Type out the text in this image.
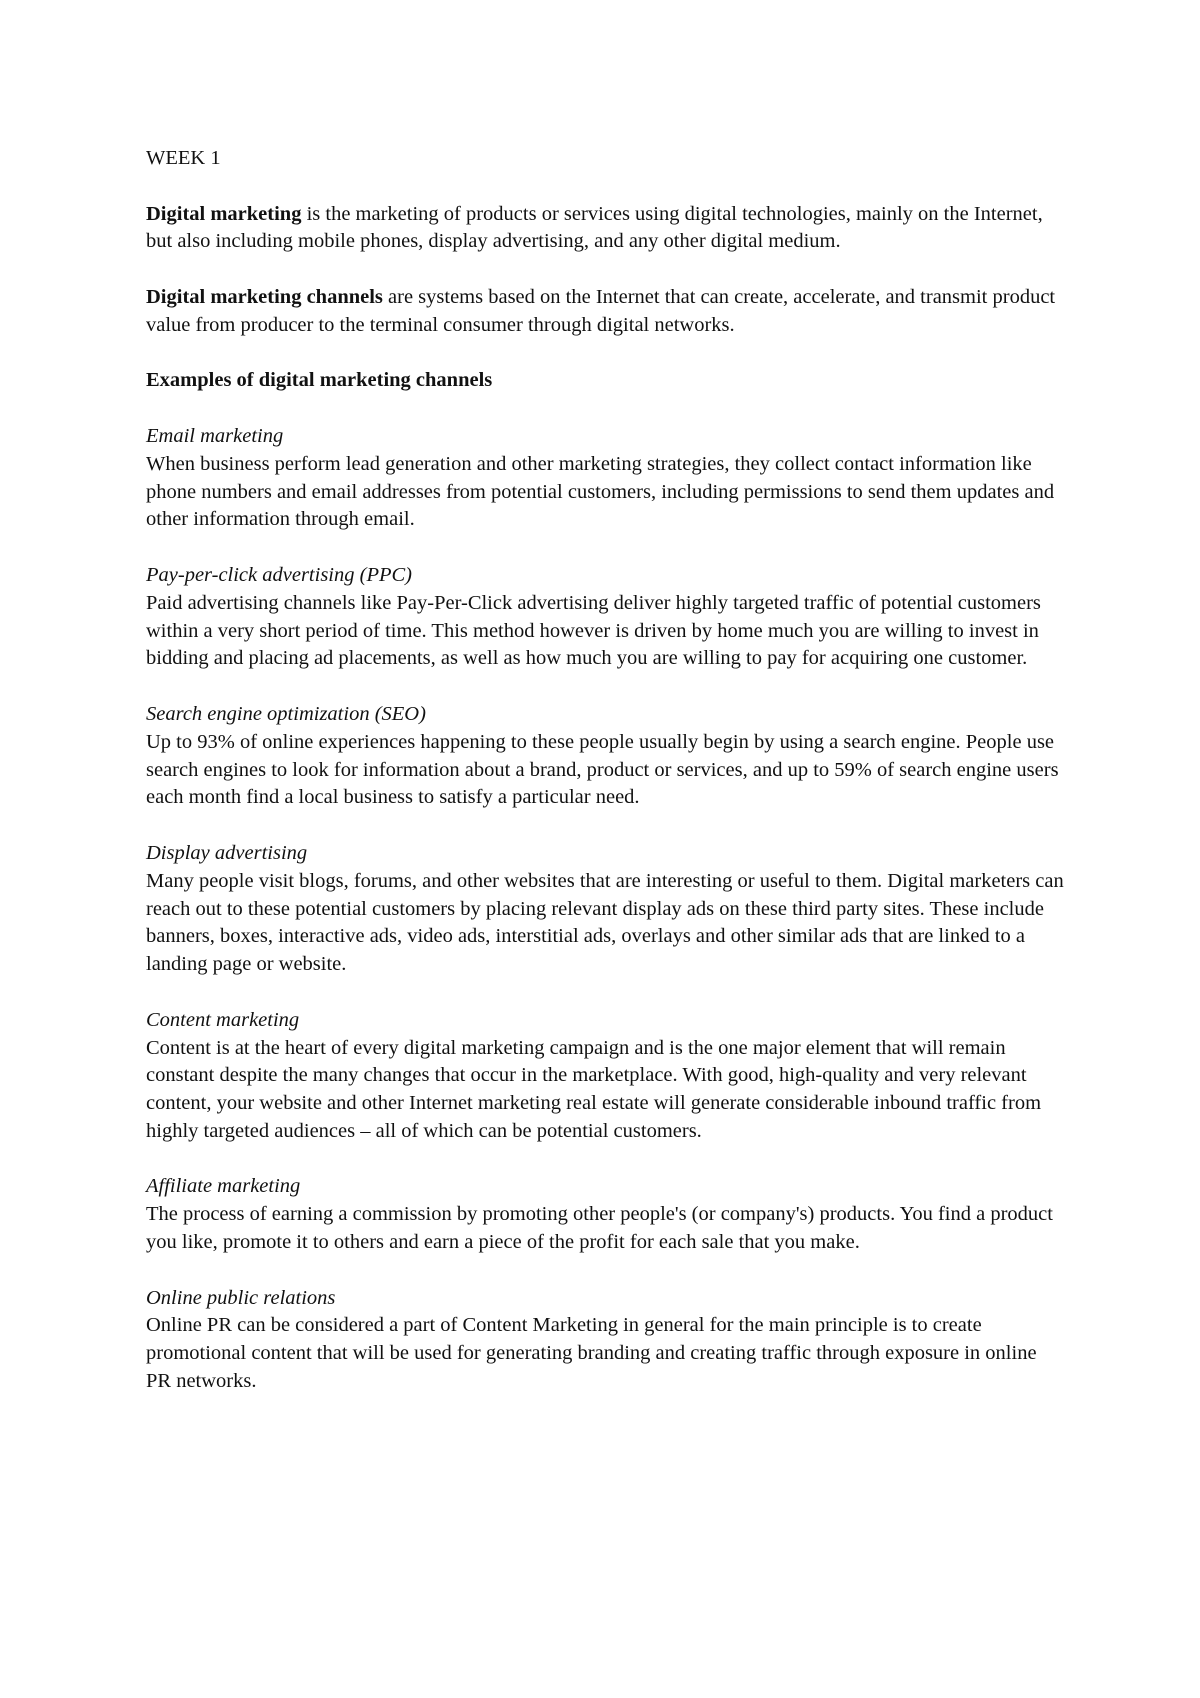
WEEK 1

Digital marketing is the marketing of products or services using digital technologies, mainly on the Internet, but also including mobile phones, display advertising, and any other digital medium.

Digital marketing channels are systems based on the Internet that can create, accelerate, and transmit product value from producer to the terminal consumer through digital networks.

Examples of digital marketing channels
Email marketing
When business perform lead generation and other marketing strategies, they collect contact information like phone numbers and email addresses from potential customers, including permissions to send them updates and other information through email.
Pay-per-click advertising (PPC)
Paid advertising channels like Pay-Per-Click advertising deliver highly targeted traffic of potential customers within a very short period of time. This method however is driven by home much you are willing to invest in bidding and placing ad placements, as well as how much you are willing to pay for acquiring one customer.
Search engine optimization (SEO)
Up to 93% of online experiences happening to these people usually begin by using a search engine. People use search engines to look for information about a brand, product or services, and up to 59% of search engine users each month find a local business to satisfy a particular need.
Display advertising
Many people visit blogs, forums, and other websites that are interesting or useful to them. Digital marketers can reach out to these potential customers by placing relevant display ads on these third party sites. These include banners, boxes, interactive ads, video ads, interstitial ads, overlays and other similar ads that are linked to a landing page or website.
Content marketing
Content is at the heart of every digital marketing campaign and is the one major element that will remain constant despite the many changes that occur in the marketplace. With good, high-quality and very relevant content, your website and other Internet marketing real estate will generate considerable inbound traffic from highly targeted audiences – all of which can be potential customers.
Affiliate marketing
The process of earning a commission by promoting other people's (or company's) products. You find a product you like, promote it to others and earn a piece of the profit for each sale that you make.
Online public relations
Online PR can be considered a part of Content Marketing in general for the main principle is to create promotional content that will be used for generating branding and creating traffic through exposure in online PR networks.
